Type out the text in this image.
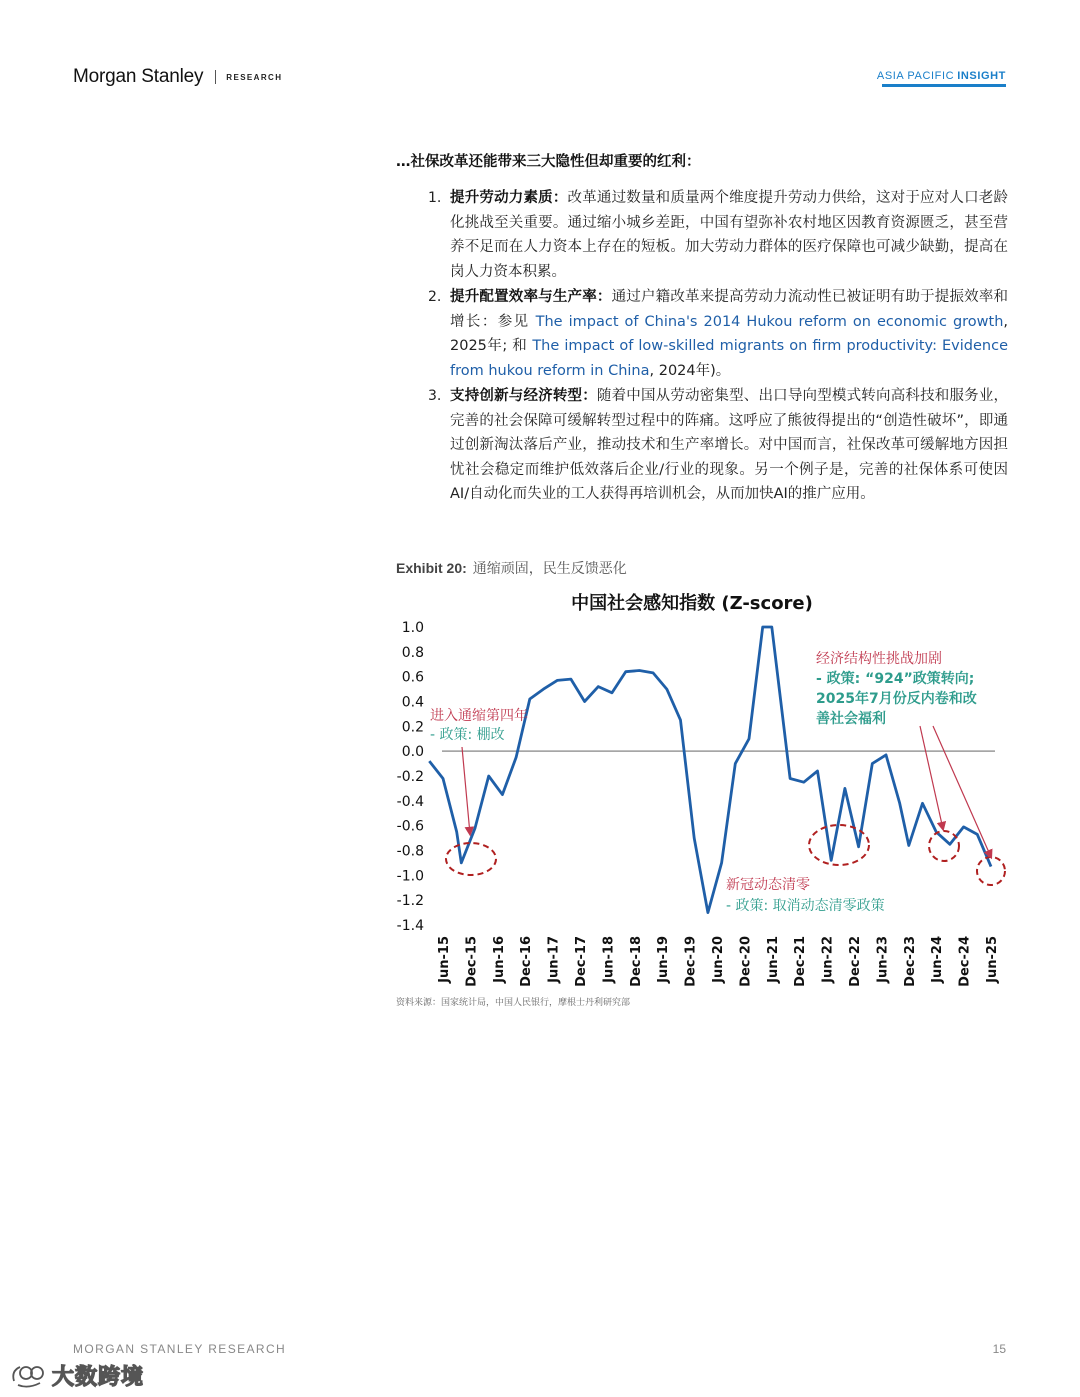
Morgan Stanley	RESEARCH	ASIA PACIFIC INSIGHT
…社保改革还能带来三大隐性但却重要的红利：
1. 提升劳动力素质：改革通过数量和质量两个维度提升劳动力供给，这对于应对人口老龄化挑战至关重要。通过缩小城乡差距，中国有望弥补农村地区因教育资源匮乏，甚至营养不足而在人力资本上存在的短板。加大劳动力群体的医疗保障也可减少缺勤，提高在岗人力资本积累。
2. 提升配置效率与生产率：通过户籍改革来提高劳动力流动性已被证明有助于提振效率和增长：参见 The impact of China's 2014 Hukou reform on economic growth, 2025年; 和 The impact of low-skilled migrants on firm productivity: Evidence from hukou reform in China, 2024年)。
3. 支持创新与经济转型：随着中国从劳动密集型、出口导向型模式转向高科技和服务业，完善的社会保障可缓解转型过程中的阵痛。这呼应了熊彼得提出的“创造性破坏”，即通过创新淘汰落后产业，推动技术和生产率增长。对中国而言，社保改革可缓解地方因担忧社会稳定而维护低效落后企业/行业的现象。另一个例子是，完善的社保体系可使因AI/自动化而失业的工人获得再培训机会，从而加快AI的推广应用。
Exhibit 20: 通缩顽固，民生反馈恶化
中国社会感知指数 (Z-score)
1.0
0.8
0.6
0.4
0.2
0.0
-0.2
-0.4
-0.6
-0.8
-1.0
-1.2
-1.4
Jun-15 Dec-15 Jun-16 Dec-16 Jun-17 Dec-17 Jun-18 Dec-18 Jun-19 Dec-19 Jun-20 Dec-20 Jun-21 Dec-21 Jun-22 Dec-22 Jun-23 Dec-23 Jun-24 Dec-24 Jun-25
进入通缩第四年
- 政策: 棚改
新冠动态清零
- 政策: 取消动态清零政策
经济结构性挑战加剧
- 政策: “924”政策转向;
2025年7月份反内卷和改
善社会福利
资料来源：国家统计局，中国人民银行，摩根士丹利研究部
MORGAN STANLEY RESEARCH	15
大数跨境
